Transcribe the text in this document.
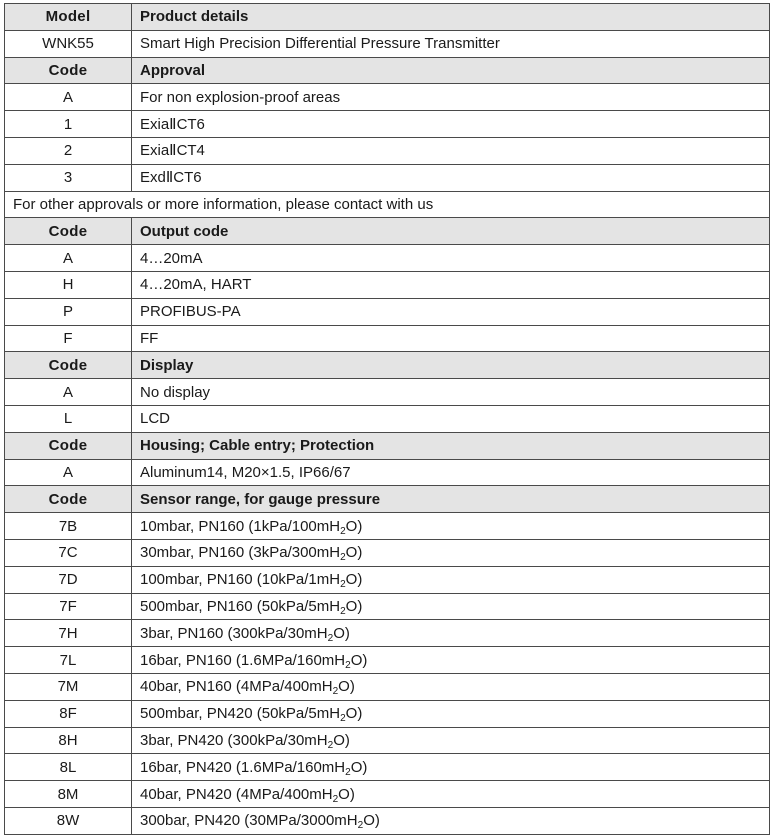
Model	Product details
WNK55	Smart High Precision Differential Pressure Transmitter
Code	Approval
A	For non explosion-proof areas
1	ExiaⅡCT6
2	ExiaⅡCT4
3	ExdⅡCT6
For other approvals or more information, please contact with us	
Code	Output code
A	4…20mA
H	4…20mA, HART
P	PROFIBUS-PA
F	FF
Code	Display
A	No display
L	LCD
Code	Housing; Cable entry; Protection
A	Aluminum14, M20×1.5, IP66/67
Code	Sensor range, for gauge pressure
7B	10mbar, PN160 $(1kPa/100mH_2O)$
7C	30mbar, PN160 $(3kPa/300mH_2O)$
7D	100mbar, PN160 $(10kPa/1mH_2O)$
7F	500mbar, PN160 $(50kPa/5mH_2O)$
7H	3bar, PN160 $(300kPa/30mH_2O)$
7L	16bar, PN160 $(1.6MPa/160mH_2O)$
7M	40bar, PN160 $(4MPa/400mH_2O)$
8F	500mbar, PN420 $(50kPa/5mH_2O)$
8H	3bar, PN420 $(300kPa/30mH_2O)$
8L	16bar, PN420 $(1.6MPa/160mH_2O)$
8M	40bar, PN420 $(4MPa/400mH_2O)$
8W	300bar, PN420 $(30MPa/3000mH_2O)$
